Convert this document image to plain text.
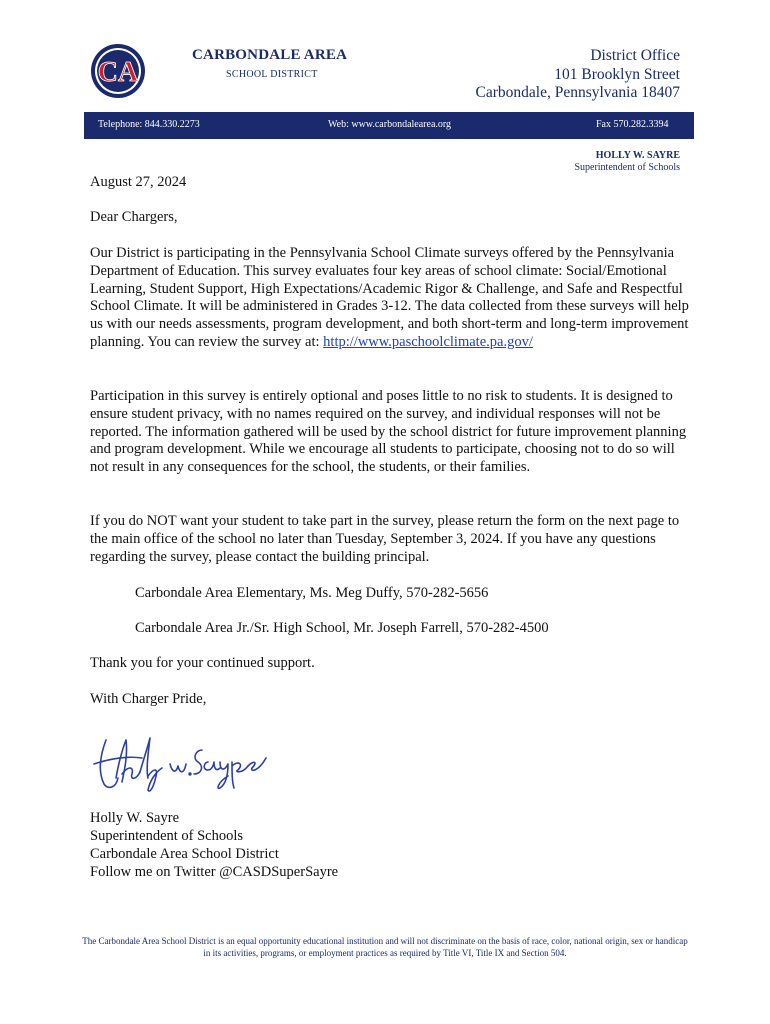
CA
CARBONDALE AREA
SCHOOL DISTRICT
District Office
101 Brooklyn Street
Carbondale, Pennsylvania 18407
Telephone: 844.330.2273	Web: www.carbondalearea.org	Fax 570.282.3394
HOLLY W. SAYRE
Superintendent of Schools
August 27, 2024
Dear Chargers,

Our District is participating in the Pennsylvania School Climate surveys offered by the Pennsylvania Department of Education. This survey evaluates four key areas of school climate: Social/Emotional Learning, Student Support, High Expectations/Academic Rigor & Challenge, and Safe and Respectful School Climate. It will be administered in Grades 3-12. The data collected from these surveys will help us with our needs assessments, program development, and both short-term and long-term improvement planning. You can review the survey at: http://www.paschoolclimate.pa.gov/

Participation in this survey is entirely optional and poses little to no risk to students. It is designed to ensure student privacy, with no names required on the survey, and individual responses will not be reported. The information gathered will be used by the school district for future improvement planning and program development. While we encourage all students to participate, choosing not to do so will not result in any consequences for the school, the students, or their families.

If you do NOT want your student to take part in the survey, please return the form on the next page to the main office of the school no later than Tuesday, September 3, 2024. If you have any questions regarding the survey, please contact the building principal.

Carbondale Area Elementary, Ms. Meg Duffy, 570-282-5656
Carbondale Area Jr./Sr. High School, Mr. Joseph Farrell, 570-282-4500
Thank you for your continued support.
With Charger Pride,
Holly W. Sayre
Superintendent of Schools
Carbondale Area School District
Follow me on Twitter @CASDSuperSayre
The Carbondale Area School District is an equal opportunity educational institution and will not discriminate on the basis of race, color, national origin, sex or handicap in its activities, programs, or employment practices as required by Title VI, Title IX and Section 504.
